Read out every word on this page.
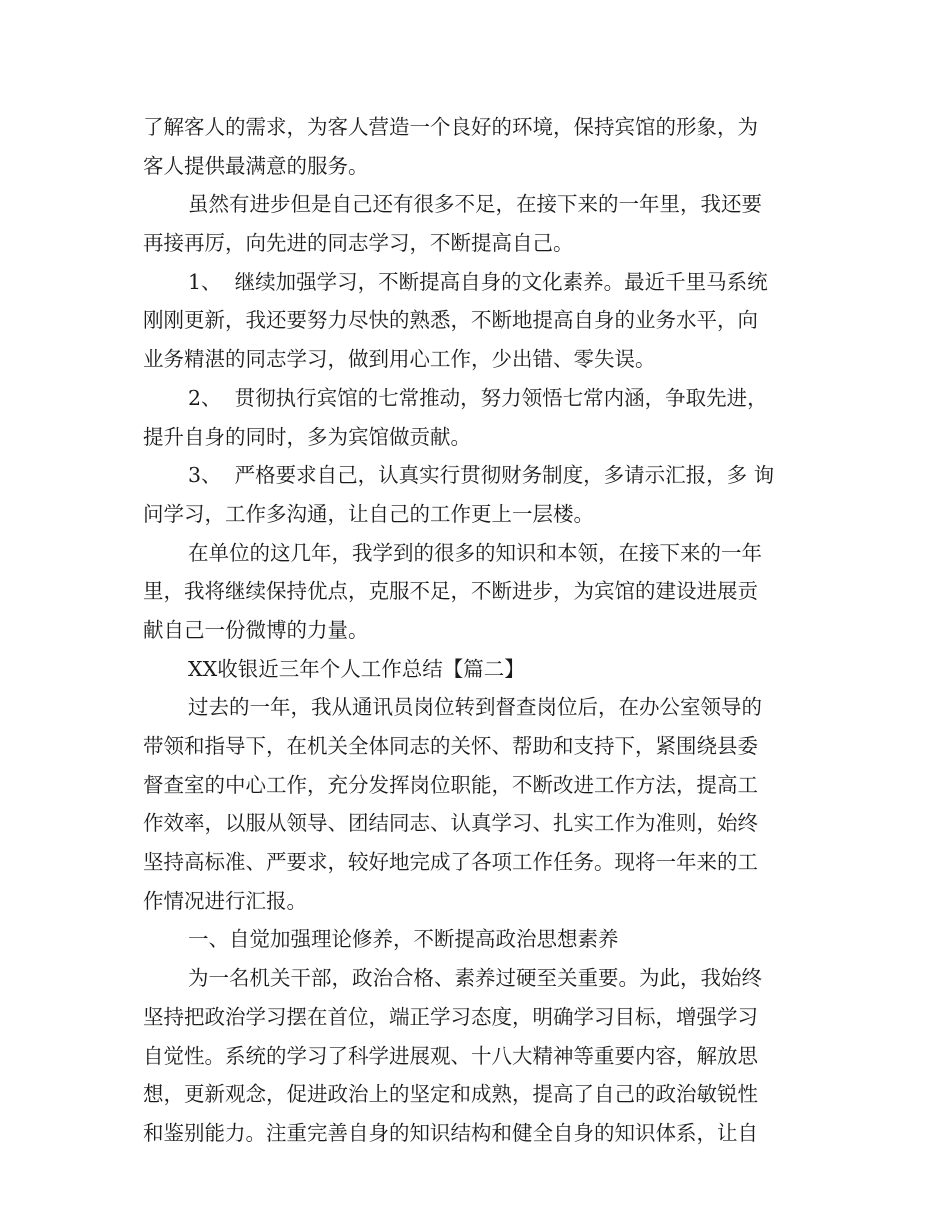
了解客人的需求，为客人营造一个良好的环境，保持宾馆的形象，为
客人提供最满意的服务。

虽然有进步但是自己还有很多不足，在接下来的一年里，我还要
再接再厉，向先进的同志学习，不断提高自己。

1、  继续加强学习，不断提高自身的文化素养。最近千里马系统
刚刚更新，我还要努力尽快的熟悉，不断地提高自身的业务水平，向
业务精湛的同志学习，做到用心工作，少出错、零失误。

2、  贯彻执行宾馆的七常推动，努力领悟七常内涵，争取先进，
提升自身的同时，多为宾馆做贡献。

3、  严格要求自己，认真实行贯彻财务制度，多请示汇报，多 询
问学习，工作多沟通，让自己的工作更上一层楼。

在单位的这几年，我学到的很多的知识和本领，在接下来的一年
里，我将继续保持优点，克服不足，不断进步，为宾馆的建设进展贡
献自己一份微博的力量。

XX收银近三年个人工作总结【篇二】

过去的一年，我从通讯员岗位转到督查岗位后，在办公室领导的
带领和指导下，在机关全体同志的关怀、帮助和支持下，紧围绕县委
督查室的中心工作，充分发挥岗位职能，不断改进工作方法，提高工
作效率，以服从领导、团结同志、认真学习、扎实工作为准则，始终
坚持高标准、严要求，较好地完成了各项工作任务。现将一年来的工
作情况进行汇报。

一、自觉加强理论修养，不断提高政治思想素养

为一名机关干部，政治合格、素养过硬至关重要。为此，我始终
坚持把政治学习摆在首位，端正学习态度，明确学习目标，增强学习
自觉性。系统的学习了科学进展观、十八大精神等重要内容，解放思
想，更新观念，促进政治上的坚定和成熟，提高了自己的政治敏锐性
和鉴别能力。注重完善自身的知识结构和健全自身的知识体系，让自
